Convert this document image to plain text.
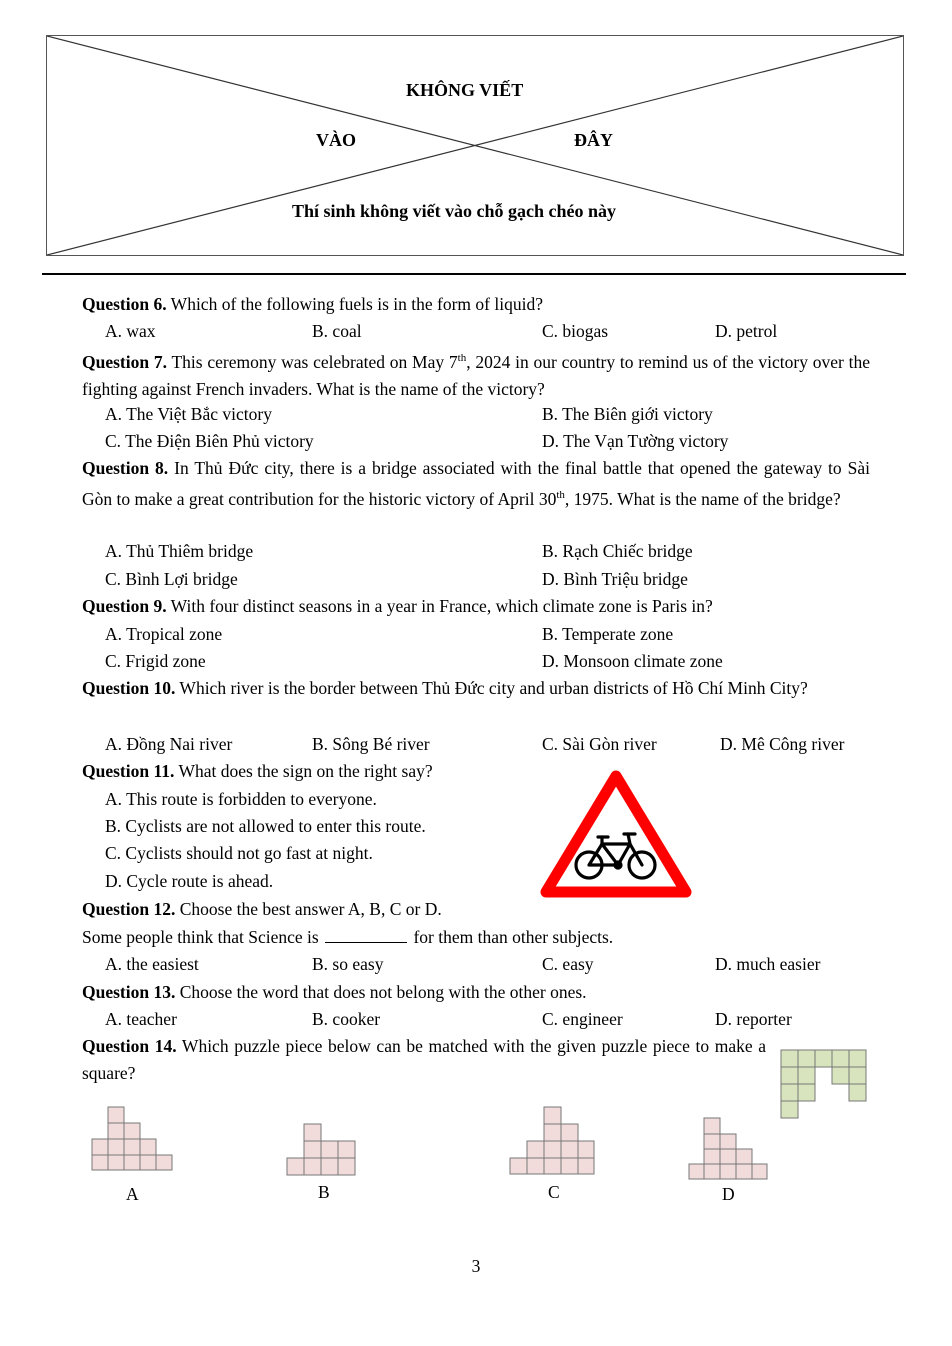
KHÔNG VIẾT
VÀO	ĐÂY
Thí sinh không viết vào chỗ gạch chéo này
Question 6. Which of the following fuels is in the form of liquid?
A. wax	B. coal	C. biogas	D. petrol
Question 7. This ceremony was celebrated on May 7th, 2024 in our country to remind us of the victory over the fighting against French invaders. What is the name of the victory?
A. The Việt Bắc victory	B. The Biên giới victory
C. The Điện Biên Phủ victory	D. The Vạn Tường victory
Question 8. In Thủ Đức city, there is a bridge associated with the final battle that opened the gateway to Sài Gòn to make a great contribution for the historic victory of April 30th, 1975. What is the name of the bridge?
A. Thủ Thiêm bridge	B. Rạch Chiếc bridge
C. Bình Lợi bridge	D. Bình Triệu bridge
Question 9. With four distinct seasons in a year in France, which climate zone is Paris in?
A. Tropical zone	B. Temperate zone
C. Frigid zone	D. Monsoon climate zone
Question 10. Which river is the border between Thủ Đức city and urban districts of Hồ Chí Minh City?
A. Đồng Nai river	B. Sông Bé river	C. Sài Gòn river	D. Mê Công river
Question 11. What does the sign on the right say?
A. This route is forbidden to everyone.
B. Cyclists are not allowed to enter this route.
C. Cyclists should not go fast at night.
D. Cycle route is ahead.
Question 12. Choose the best answer A, B, C or D.
Some people think that Science is	for them than other subjects.
A. the easiest	B. so easy	C. easy	D. much easier
Question 13. Choose the word that does not belong with the other ones.
A. teacher	B. cooker	C. engineer	D. reporter
Question 14. Which puzzle piece below can be matched with the given puzzle piece to make a square?
A	B	C	D
3
